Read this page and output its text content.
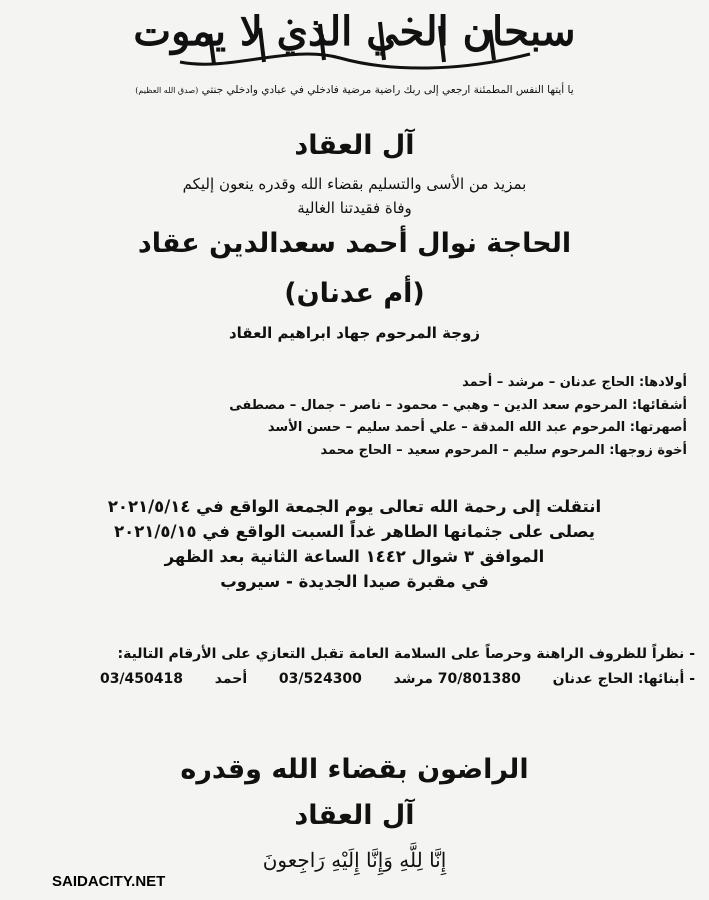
سبحان الحي الذي لا يموت
يا أيتها النفس المطمئنة ارجعي إلى ربك راضية مرضية فادخلي في عبادي وادخلي جنتي (صدق الله العظيم)
آل العقاد
بمزيد من الأسى والتسليم بقضاء الله وقدره ينعون إليكم
وفاة فقيدتنا الغالية
الحاجة نوال أحمد سعدالدين عقاد
(أم عدنان)
زوجة المرحوم جهاد ابراهيم العقاد
أولادها: الحاج عدنان – مرشد – أحمد
أشقائها: المرحوم سعد الدين – وهبي – محمود – ناصر – جمال – مصطفى
أصهرتها: المرحوم عبد الله المدقة – علي أحمد سليم – حسن الأسد
أخوة زوجها: المرحوم سليم – المرحوم سعيد – الحاج محمد
انتقلت إلى رحمة الله تعالى يوم الجمعة الواقع في ٢٠٢١/٥/١٤
يصلى على جثمانها الطاهر غداً السبت الواقع في ٢٠٢١/٥/١٥
الموافق ٣ شوال ١٤٤٢ الساعة الثانية بعد الظهر
في مقبرة صيدا الجديدة - سيروب
- نظراً للظروف الراهنة وحرصاً على السلامة العامة تقبل التعازي على الأرقام التالية:
- أبنائها: الحاج عدنان  70/801380 مرشد  03/524300  أحمد  03/450418
الراضون بقضاء الله وقدره
آل العقاد
إِنَّا لِلَّهِ وَإِنَّا إِلَيْهِ رَاجِعونَ
SAIDACITY.NET
